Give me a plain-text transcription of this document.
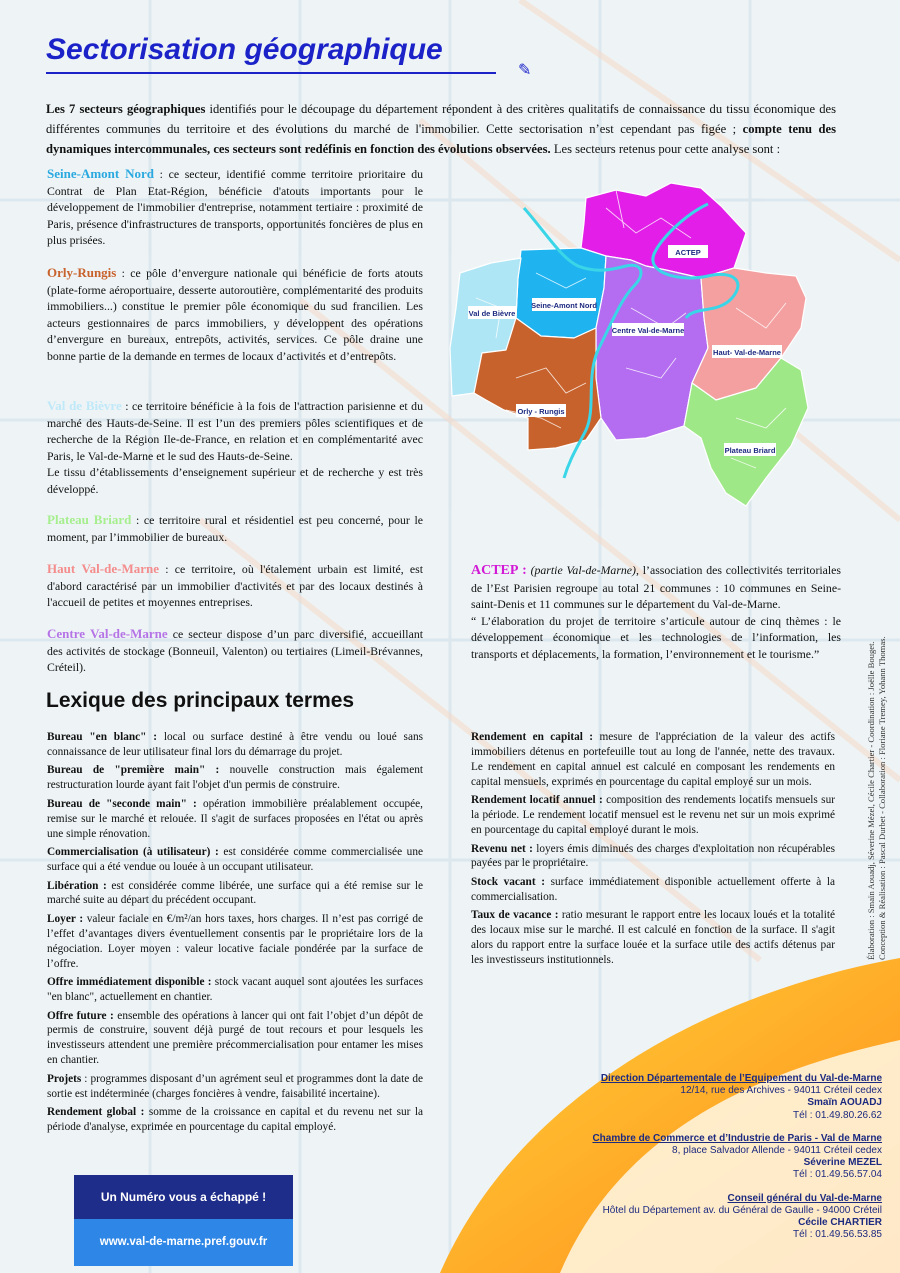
Sectorisation géographique
✎
Les 7 secteurs géographiques identifiés pour le découpage du département répondent à des critères qualitatifs de connaissance du tissu économique des différentes communes du territoire et des évolutions du marché de l'immobilier. Cette sectorisation n’est cependant pas figée ; compte tenu des dynamiques intercommunales, ces secteurs sont redéfinis en fonction des évolutions observées. Les secteurs retenus pour cette analyse sont :
Seine-Amont Nord : ce secteur, identifié comme territoire prioritaire du Contrat de Plan Etat-Région, bénéficie d'atouts importants pour le développement de l'immobilier d'entreprise, notamment tertiaire : proximité de Paris, présence d'infrastructures de transports, opportunités foncières de plus en plus prisées.
Orly-Rungis : ce pôle d’envergure nationale qui bénéficie de forts atouts (plate-forme aéroportuaire, desserte autoroutière, complémentarité des produits immobiliers...) constitue le premier pôle économique du sud francilien. Les acteurs gestionnaires de parcs immobiliers, y développent des opérations d’envergure en bureaux, entrepôts, activités, services. Ce pôle draine une bonne partie de la demande en termes de locaux d’activités et d’entrepôts.
Val de Bièvre : ce territoire bénéficie à la fois de l'attraction parisienne et du marché des Hauts-de-Seine. Il est l’un des premiers pôles scientifiques et de recherche de la Région Ile-de-France, en relation et en complémentarité avec Paris, le Val-de-Marne et le sud des Hauts-de-Seine.
Le tissu d’établissements d’enseignement supérieur et de recherche y est très développé.
Plateau Briard : ce territoire rural et résidentiel est peu concerné, pour le moment, par l’immobilier de bureaux.
Haut Val-de-Marne : ce territoire, où l'étalement urbain est limité, est d'abord caractérisé par un immobilier d'activités et par des locaux destinés à l'accueil de petites et moyennes entreprises.
Centre Val-de-Marne ce secteur dispose d’un parc diversifié, accueillant des activités de stockage (Bonneuil, Valenton) ou tertiaires (Limeil-Brévannes, Créteil).
ACTEP : (partie Val-de-Marne), l’association des collectivités territoriales de l’Est Parisien regroupe au total 21 communes : 10 communes en Seine-saint-Denis et 11 communes sur le département du Val-de-Marne.
“ L’élaboration du projet de territoire s’articule autour de cinq thèmes : le développement économique et les technologies de l’information, les transports et déplacements, la formation, l’environnement et le tourisme.”
ACTEP
Seine-Amont Nord
Val de Bièvre
Centre Val-de-Marne
Haut- Val-de-Marne
Orly - Rungis
Plateau Briard
Lexique des principaux termes

Bureau "en blanc" : local ou surface destiné à être vendu ou loué sans connaissance de leur utilisateur final lors du démarrage du projet.

Bureau de "première main" : nouvelle construction mais également restructuration lourde ayant fait l'objet d'un permis de construire.

Bureau de "seconde main" : opération immobilière préalablement occupée, remise sur le marché et relouée. Il s'agit de surfaces proposées en l'état ou après une simple rénovation.

Commercialisation (à utilisateur) : est considérée comme commercialisée une surface qui a été vendue ou louée à un occupant utilisateur.

Libération : est considérée comme libérée, une surface qui a été remise sur le marché suite au départ du précédent occupant.

Loyer : valeur faciale en €/m²/an hors taxes, hors charges. Il n’est pas corrigé de l’effet d’avantages divers éventuellement consentis par le propriétaire lors de la négociation. Loyer moyen : valeur locative faciale pondérée par la surface de l’offre.

Offre immédiatement disponible : stock vacant auquel sont ajoutées les surfaces "en blanc", actuellement en chantier.

Offre future : ensemble des opérations à lancer qui ont fait l’objet d’un dépôt de permis de construire, souvent déjà purgé de tout recours et pour lesquels les investisseurs attendent une première précommercialisation pour entamer les mises en chantier.

Projets : programmes disposant d’un agrément seul et programmes dont la date de sortie est indéterminée (charges foncières à vendre, faisabilité incertaine).

Rendement global : somme de la croissance en capital et du revenu net sur la période d'analyse, exprimée en pourcentage du capital employé.

Rendement en capital : mesure de l'appréciation de la valeur des actifs immobiliers détenus en portefeuille tout au long de l'année, nette des travaux. Le rendement en capital annuel est calculé en composant les rendements en capital mensuels, exprimés en pourcentage du capital employé sur un mois.

Rendement locatif annuel : composition des rendements locatifs mensuels sur la période. Le rendement locatif mensuel est le revenu net sur un mois exprimé en pourcentage du capital employé durant le mois.

Revenu net : loyers émis diminués des charges d'exploitation non récupérables payées par le propriétaire.

Stock vacant : surface immédiatement disponible actuellement offerte à la commercialisation.

Taux de vacance : ratio mesurant le rapport entre les locaux loués et la totalité des locaux mise sur le marché. Il est calculé en fonction de la surface. Il s'agit alors du rapport entre la surface louée et la surface utile des actifs détenus par les investisseurs institutionnels.

Élaboration : Smaïn Aouadj, Séverine Mézel, Cécile Chartier - Coordination : Joëlle Bouget.
Conception & Réalisation : Pascal Durbet - Collaboration : Floriane Tremey, Yohann Thomas.
Direction Départementale de l’Equipement du Val-de-Marne
12/14, rue des Archives - 94011 Créteil cedex
Smaïn AOUADJ
Tél : 01.49.80.26.62
Chambre de Commerce et d’Industrie de Paris - Val de Marne
8, place Salvador Allende - 94011 Créteil cedex
Séverine MEZEL
Tél : 01.49.56.57.04
Conseil général du Val-de-Marne
Hôtel du Département av. du Général de Gaulle - 94000 Créteil
Cécile CHARTIER
Tél : 01.49.56.53.85
Un Numéro vous a échappé !
www.val-de-marne.pref.gouv.fr
